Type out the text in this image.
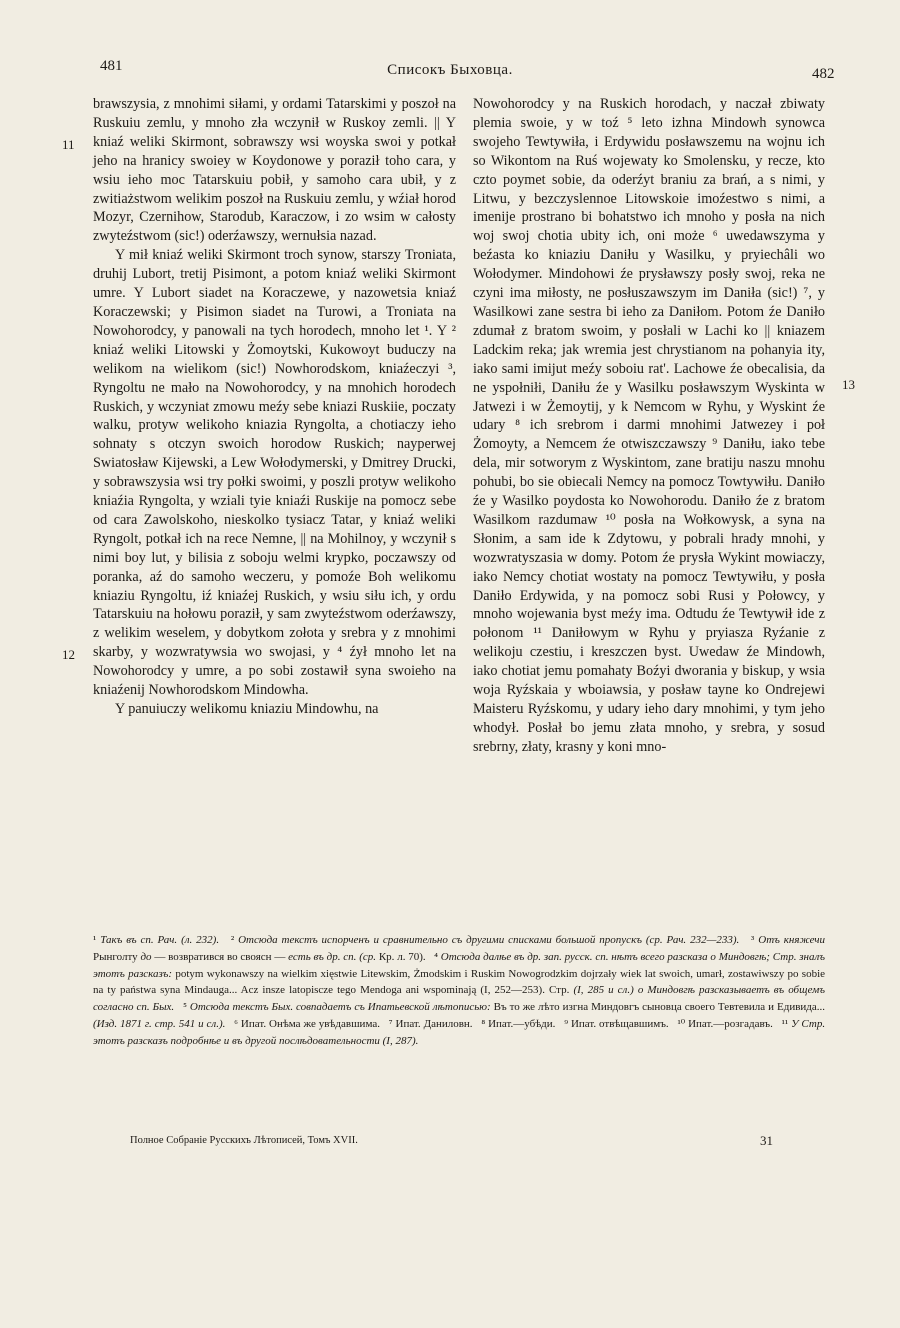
481	Списокъ Быховца.	482
11
12
13

brawszysia, z mnohimi siłami, y ordami Tatarskimi y poszoł na Ruskuiu zemlu, y mnoho zła wczynił w Ruskoy zemli. || Y kniaź weliki Skirmont, sobrawszy wsi woyska swoi y potkał jeho na hranicy swoiey w Koydonowe y poraził toho cara, y wsiu ieho moc Tatarskuiu pobił, y samoho cara ubił, y z zwitiażstwom welikim poszoł na Ruskuiu zemlu, y wźiał horod Mozyr, Czernihow, Starodub, Karaczow, i zo wsim w całosty zwyteźstwom (sic!) oderźawszy, wernułsia nazad.

Y mił kniaź weliki Skirmont troch synow, starszy Troniata, druhij Lubort, tretij Pisimont, a potom kniaź weliki Skirmont umre. Y Lubort siadet na Koraczewe, y nazowetsia kniaź Koraczewski; y Pisimon siadet na Turowi, a Troniata na Nowohorodcy, y panowali na tych horodech, mnoho let ¹. Y ² kniaź weliki Litowski y Żomoytski, Kukowoyt buduczy na welikom na wielikom (sic!) Nowhorodskom, kniaźeczyi ³, Ryngoltu ne mało na Nowohorodcy, y na mnohich horodech Ruskich, y wczyniat zmowu meźy sebe kniazi Ruskiie, poczaty walku, protyw welikoho kniazia Ryngolta, a chotiaczy ieho sohnaty s otczyn swoich horodow Ruskich; nayperwej Swiatosław Kijewski, a Lew Wołodymerski, y Dmitrey Drucki, y sobrawszysia wsi try połki swoimi, y poszli protyw welikoho kniaźia Ryngolta, y wziali tyie kniaźi Ruskije na pomocz sebe od cara Zawolskoho, nieskolko tysiacz Tatar, y kniaź weliki Ryngolt, potkał ich na rece Nemne, || na Mohilnoy, y wczynił s nimi boy lut, y bilisia z soboju welmi krypko, poczawszy od poranka, aź do samoho weczeru, y pomoźe Boh welikomu kniaziu Ryngoltu, iź kniaźej Ruskich, y wsiu siłu ich, y ordu Tatarskuiu na hołowu poraził, y sam zwyteźstwom oderźawszy, z welikim weselem, y dobytkom zołota y srebra y z mnohimi skarby, y wozwratywsia wo swojasi, y ⁴ źył mnoho let na Nowohorodcy y umre, a po sobi zostawił syna swoieho na kniaźenij Nowhorodskom Mindowha.

Y panuiuczy welikomu kniaziu Mindowhu, na

Nowohorodcy y na Ruskich horodach, y naczał zbiwaty plemia swoie, y w toź ⁵ leto izhna Mindowh synowca swojeho Tewtywiła, i Erdywidu posławszemu na wojnu ich so Wikontom na Ruś wojewaty ko Smolensku, y recze, kto czto poymet sobie, da oderźyt braniu za brań, a s nimi, y Litwu, y bezczyslennoe Litowskoie imoźestwo s nimi, a imenije prostrano bi bohatstwo ich mnoho y posła na nich woj swoj chotia ubity ich, oni może ⁶ uwedawszyma y beźasta ko kniaziu Daniłu y Wasilku, y pryiechâli wo Wołodymer. Mindohowi źe prysławszy posły swoj, reka ne czyni ima miłosty, ne posłuszawszym im Daniła (sic!) ⁷, y Wasilkowi zane sestra bi ieho za Daniłom. Potom źe Daniło zdumał z bratom swoim, y posłali w Lachi ko || kniazem Ladckim reka; jak wremia jest chrystianom na pohanyia ity, iako sami imijut meźy soboiu rat'. Lachowe źe obecalisia, da ne yspołniłi, Daniłu źe y Wasilku posławszym Wyskinta w Jatwezi i w Żemoytij, y k Nemcom w Ryhu, y Wyskint źe udary ⁸ ich srebrom i darmi mnohimi Jatwezey i poł Żomoyty, a Nemcem źe otwiszczawszy ⁹ Daniłu, iako tebe dela, mir sotworym z Wyskintom, zane bratiju naszu mnohu pohubi, bo sie obiecali Nemcy na pomocz Towtywiłu. Daniło źe y Wasilko poydosta ko Nowohorodu. Daniło źe z bratom Wasilkom razdumaw ¹⁰ posła na Wołkowysk, a syna na Słonim, a sam ide k Zdytowu, y pobrali hrady mnohi, y wozwratyszasia w domy. Potom źe prysła Wykint mowiaczy, iako Nemcy chotiat wostaty na pomocz Tewtywiłu, y posła Daniło Erdywida, y na pomocz sobi Rusi y Połowcy, y mnoho wojewania byst meźy ima. Odtudu źe Tewtywił ide z połonom ¹¹ Daniłowym w Ryhu y pryiasza Ryźanie z welikoju czestiu, i kreszczen byst. Uwedaw źe Mindowh, iako chotiat jemu pomahaty Boźyi dworania y biskup, y wsia woja Ryźskaia y wboiawsia, y posław tayne ko Ondrejewi Maisteru Ryźskomu, y udary ieho dary mnohimi, y tym jeho whodył. Posłał bo jemu złata mnoho, y srebra, y sosud srebrny, złaty, krasny y koni mno-

¹ Такъ въ сп. Рач. (л. 232). ² Отсюда текстъ испорченъ и сравнительно съ другими списками большой пропускъ (ср. Рач. 232—233). ³ Отъ княжечи Рынголту до — возвратився во своясн — есть въ др. сп. (ср. Кр. л. 70). ⁴ Отсюда далѣе въ др. зап. русск. сп. нѣтъ всего разсказа о Миндовгѣ; Стр. зналъ этотъ разсказъ: potym wykonawszy na wielkim xięstwie Litewskim, Żmodskim i Ruskim Nowogrodzkim dojrzały wiek lat swoich, umarł, zostawiwszy po sobie na ty państwa syna Mindauga... Acz insze latopiscze tego Mendoga ani wspominają (I, 252—253). Стр. (I, 285 и сл.) о Миндовгѣ разсказываетъ въ общемъ согласно сп. Быx. ⁵ Отсюда текстъ Быx. совпадаетъ съ Ипатьевской лѣтописью: Въ то же лѣто изгна Миндовгъ сыновца своего Тевтевила и Едивида... (Изд. 1871 г. стр. 541 и сл.). ⁶ Ипат. Онѣма же увѣдавшима. ⁷ Ипат. Даниловн. ⁸ Ипат.—убѣди. ⁹ Ипат. отвѣщавшимъ. ¹⁰ Ипат.—розгадавъ. ¹¹ У Стр. этотъ разсказъ подробнѣе и въ другой послѣдовательности (I, 287).
Полное Собраніе Русскихъ Лѣтописей, Томъ XVII.	31
